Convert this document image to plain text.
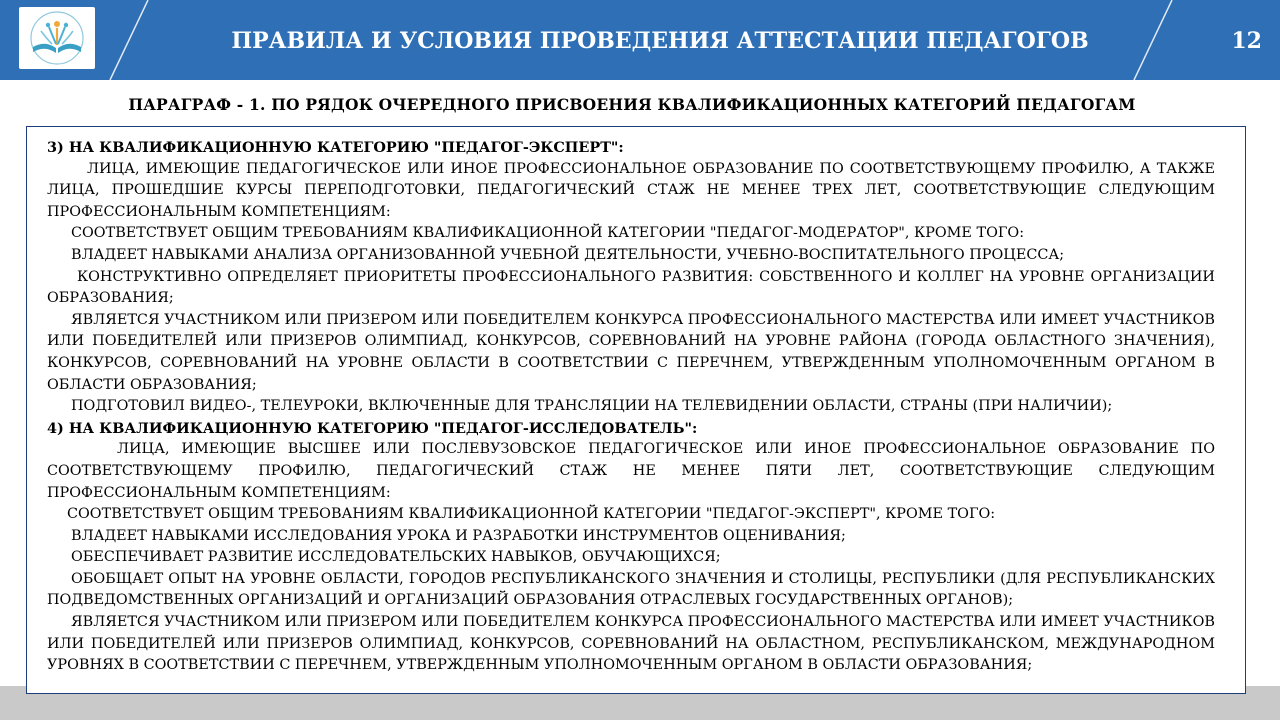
ПРАВИЛА И УСЛОВИЯ ПРОВЕДЕНИЯ АТТЕСТАЦИИ ПЕДАГОГОВ	12
ПАРАГРАФ - 1. ПО РЯДОК ОЧЕРЕДНОГО ПРИСВОЕНИЯ КВАЛИФИКАЦИОННЫХ КАТЕГОРИЙ ПЕДАГОГАМ

3) НА КВАЛИФИКАЦИОННУЮ КАТЕГОРИЮ "ПЕДАГОГ-ЭКСПЕРТ":

ЛИЦА, ИМЕЮЩИЕ ПЕДАГОГИЧЕСКОЕ ИЛИ ИНОЕ ПРОФЕССИОНАЛЬНОЕ ОБРАЗОВАНИЕ ПО СООТВЕТСТВУЮЩЕМУ ПРОФИЛЮ, А ТАКЖЕ ЛИЦА, ПРОШЕДШИЕ КУРСЫ ПЕРЕПОДГОТОВКИ, ПЕДАГОГИЧЕСКИЙ СТАЖ НЕ МЕНЕЕ ТРЕХ ЛЕТ, СООТВЕТСТВУЮЩИЕ СЛЕДУЮЩИМ ПРОФЕССИОНАЛЬНЫМ КОМПЕТЕНЦИЯМ:

СООТВЕТСТВУЕТ ОБЩИМ ТРЕБОВАНИЯМ КВАЛИФИКАЦИОННОЙ КАТЕГОРИИ "ПЕДАГОГ-МОДЕРАТОР", КРОМЕ ТОГО:

ВЛАДЕЕТ НАВЫКАМИ АНАЛИЗА ОРГАНИЗОВАННОЙ УЧЕБНОЙ ДЕЯТЕЛЬНОСТИ, УЧЕБНО-ВОСПИТАТЕЛЬНОГО ПРОЦЕССА;

КОНСТРУКТИВНО ОПРЕДЕЛЯЕТ ПРИОРИТЕТЫ ПРОФЕССИОНАЛЬНОГО РАЗВИТИЯ: СОБСТВЕННОГО И КОЛЛЕГ НА УРОВНЕ ОРГАНИЗАЦИИ ОБРАЗОВАНИЯ;

ЯВЛЯЕТСЯ УЧАСТНИКОМ ИЛИ ПРИЗЕРОМ ИЛИ ПОБЕДИТЕЛЕМ КОНКУРСА ПРОФЕССИОНАЛЬНОГО МАСТЕРСТВА ИЛИ ИМЕЕТ УЧАСТНИКОВ ИЛИ ПОБЕДИТЕЛЕЙ ИЛИ ПРИЗЕРОВ ОЛИМПИАД, КОНКУРСОВ, СОРЕВНОВАНИЙ НА УРОВНЕ РАЙОНА (ГОРОДА ОБЛАСТНОГО ЗНАЧЕНИЯ), КОНКУРСОВ, СОРЕВНОВАНИЙ НА УРОВНЕ ОБЛАСТИ В СООТВЕТСТВИИ С ПЕРЕЧНЕМ, УТВЕРЖДЕННЫМ УПОЛНОМОЧЕННЫМ ОРГАНОМ В ОБЛАСТИ ОБРАЗОВАНИЯ;

ПОДГОТОВИЛ ВИДЕО-, ТЕЛЕУРОКИ, ВКЛЮЧЕННЫЕ ДЛЯ ТРАНСЛЯЦИИ НА ТЕЛЕВИДЕНИИ ОБЛАСТИ, СТРАНЫ (ПРИ НАЛИЧИИ);

4) НА КВАЛИФИКАЦИОННУЮ КАТЕГОРИЮ "ПЕДАГОГ-ИССЛЕДОВАТЕЛЬ":

ЛИЦА, ИМЕЮЩИЕ ВЫСШЕЕ ИЛИ ПОСЛЕВУЗОВСКОЕ ПЕДАГОГИЧЕСКОЕ ИЛИ ИНОЕ ПРОФЕССИОНАЛЬНОЕ ОБРАЗОВАНИЕ ПО СООТВЕТСТВУЮЩЕМУ ПРОФИЛЮ, ПЕДАГОГИЧЕСКИЙ СТАЖ НЕ МЕНЕЕ ПЯТИ ЛЕТ, СООТВЕТСТВУЮЩИЕ СЛЕДУЮЩИМ ПРОФЕССИОНАЛЬНЫМ КОМПЕТЕНЦИЯМ:

СООТВЕТСТВУЕТ ОБЩИМ ТРЕБОВАНИЯМ КВАЛИФИКАЦИОННОЙ КАТЕГОРИИ "ПЕДАГОГ-ЭКСПЕРТ", КРОМЕ ТОГО:

ВЛАДЕЕТ НАВЫКАМИ ИССЛЕДОВАНИЯ УРОКА И РАЗРАБОТКИ ИНСТРУМЕНТОВ ОЦЕНИВАНИЯ;

ОБЕСПЕЧИВАЕТ РАЗВИТИЕ ИССЛЕДОВАТЕЛЬСКИХ НАВЫКОВ, ОБУЧАЮЩИХСЯ;

ОБОБЩАЕТ ОПЫТ НА УРОВНЕ ОБЛАСТИ, ГОРОДОВ РЕСПУБЛИКАНСКОГО ЗНАЧЕНИЯ И СТОЛИЦЫ, РЕСПУБЛИКИ (ДЛЯ РЕСПУБЛИКАНСКИХ ПОДВЕДОМСТВЕННЫХ ОРГАНИЗАЦИЙ И ОРГАНИЗАЦИЙ ОБРАЗОВАНИЯ ОТРАСЛЕВЫХ ГОСУДАРСТВЕННЫХ ОРГАНОВ);

ЯВЛЯЕТСЯ УЧАСТНИКОМ ИЛИ ПРИЗЕРОМ ИЛИ ПОБЕДИТЕЛЕМ КОНКУРСА ПРОФЕССИОНАЛЬНОГО МАСТЕРСТВА ИЛИ ИМЕЕТ УЧАСТНИКОВ ИЛИ ПОБЕДИТЕЛЕЙ ИЛИ ПРИЗЕРОВ ОЛИМПИАД, КОНКУРСОВ, СОРЕВНОВАНИЙ НА ОБЛАСТНОМ, РЕСПУБЛИКАНСКОМ, МЕЖДУНАРОДНОМ УРОВНЯХ В СООТВЕТСТВИИ С ПЕРЕЧНЕМ, УТВЕРЖДЕННЫМ УПОЛНОМОЧЕННЫМ ОРГАНОМ В ОБЛАСТИ ОБРАЗОВАНИЯ;
